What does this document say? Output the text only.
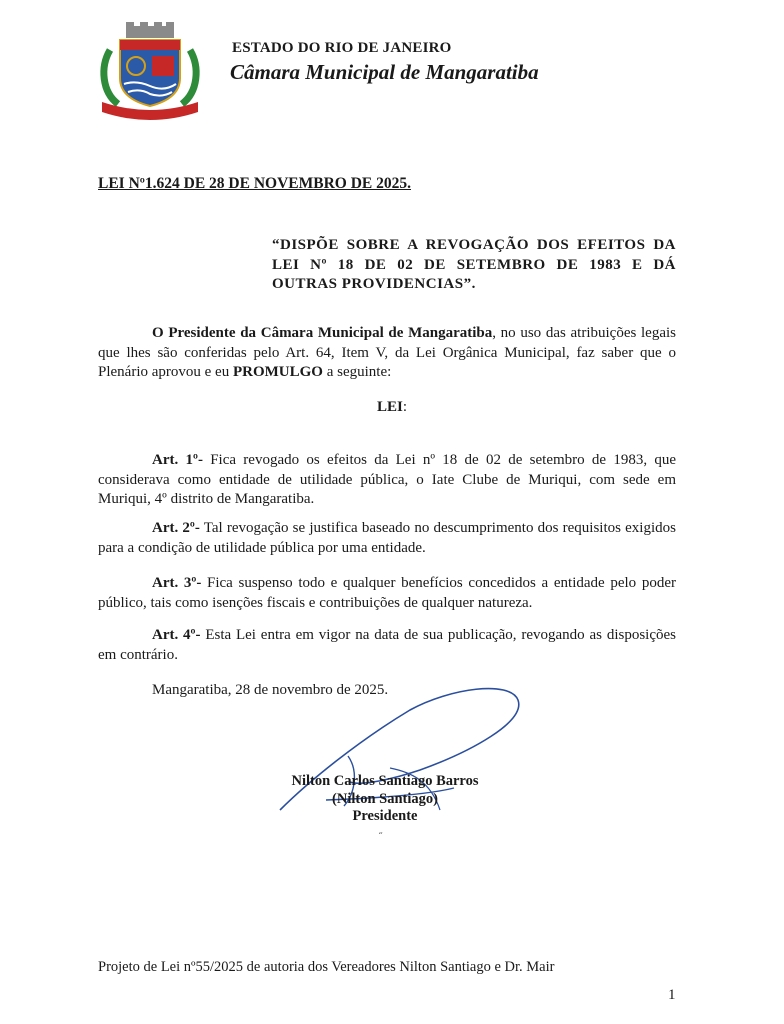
ESTADO DO RIO DE JANEIRO
Câmara Municipal de Mangaratiba
LEI Nº1.624 DE 28 DE NOVEMBRO DE 2025.
“DISPÕE SOBRE A REVOGAÇÃO DOS EFEITOS DA LEI Nº 18 DE 02 DE SETEMBRO DE 1983 E DÁ OUTRAS PROVIDENCIAS”.
O Presidente da Câmara Municipal de Mangaratiba, no uso das atribuições legais que lhes são conferidas pelo Art. 64, Item V, da Lei Orgânica Municipal, faz saber que o Plenário aprovou e eu PROMULGO a seguinte:
LEI:
Art. 1º- Fica revogado os efeitos da Lei nº 18 de 02 de setembro de 1983, que considerava como entidade de utilidade pública, o Iate Clube de Muriqui, com sede em Muriqui, 4º distrito de Mangaratiba.
Art. 2º- Tal revogação se justifica baseado no descumprimento dos requisitos exigidos para a condição de utilidade pública por uma entidade.
Art. 3º- Fica suspenso todo e qualquer benefícios concedidos a entidade pelo poder público, tais como isenções fiscais e contribuições de qualquer natureza.
Art. 4º- Esta Lei entra em vigor na data de sua publicação, revogando as disposições em contrário.
Mangaratiba, 28 de novembro de 2025.
Nilton Carlos Santiago Barros
(Nilton Santiago)
Presidente
˝
Projeto de Lei nº55/2025 de autoria dos Vereadores Nilton Santiago e Dr. Mair
1
